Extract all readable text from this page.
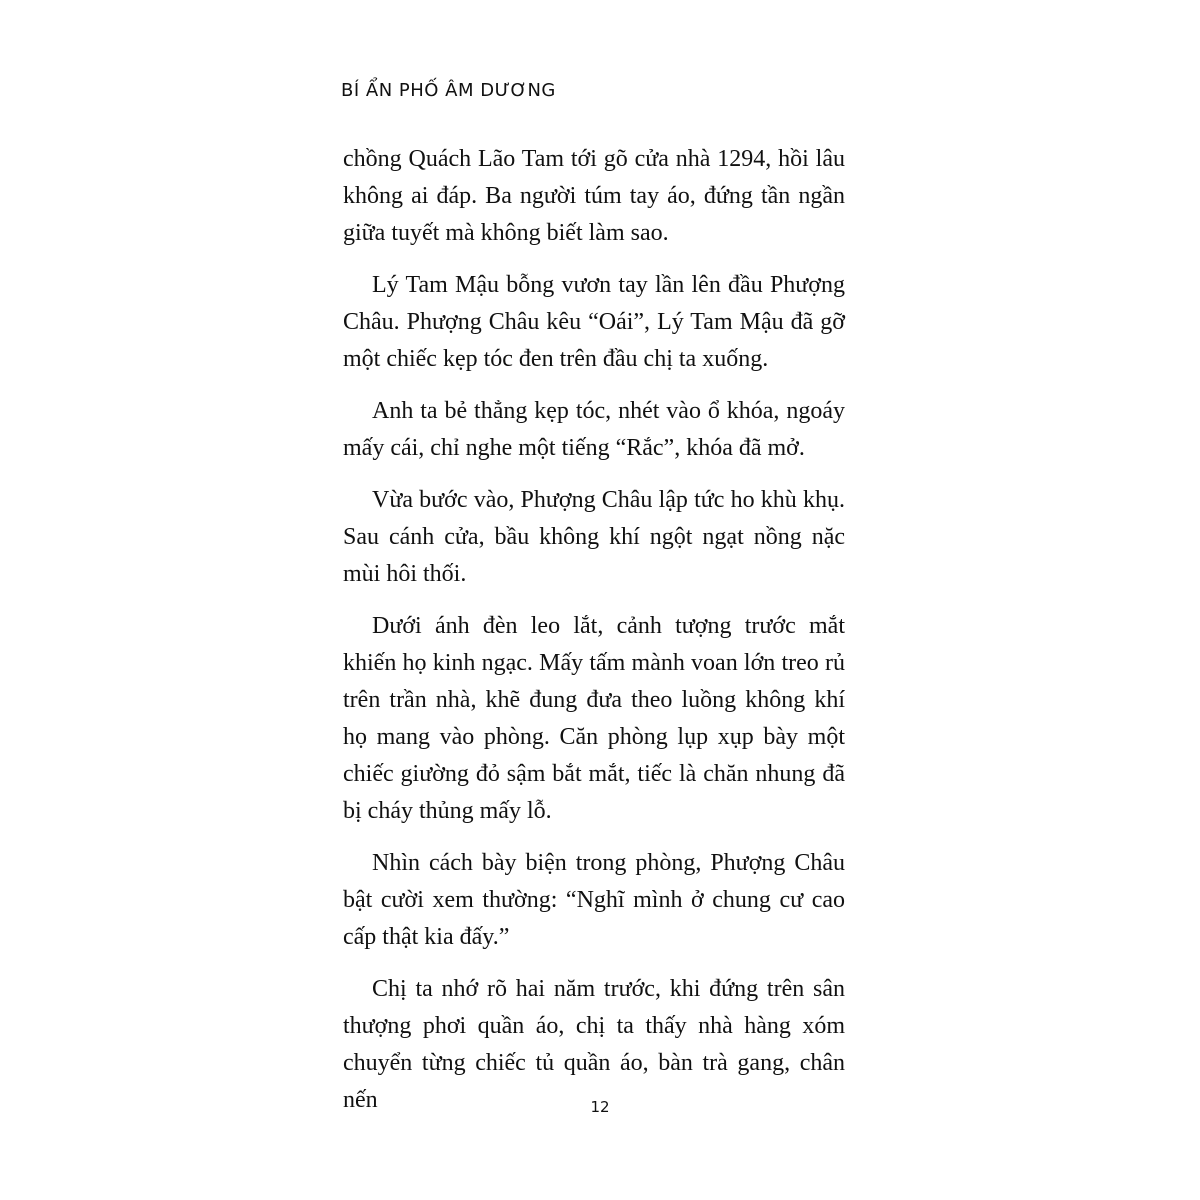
BÍ ẨN PHỐ ÂM DƯƠNG

chồng Quách Lão Tam tới gõ cửa nhà 1294, hồi lâu không ai đáp. Ba người túm tay áo, đứng tần ngần giữa tuyết mà không biết làm sao.

Lý Tam Mậu bỗng vươn tay lần lên đầu Phượng Châu. Phượng Châu kêu “Oái”, Lý Tam Mậu đã gỡ một chiếc kẹp tóc đen trên đầu chị ta xuống.

Anh ta bẻ thẳng kẹp tóc, nhét vào ổ khóa, ngoáy mấy cái, chỉ nghe một tiếng “Rắc”, khóa đã mở.

Vừa bước vào, Phượng Châu lập tức ho khù khụ. Sau cánh cửa, bầu không khí ngột ngạt nồng nặc mùi hôi thối.

Dưới ánh đèn leo lắt, cảnh tượng trước mắt khiến họ kinh ngạc. Mấy tấm mành voan lớn treo rủ trên trần nhà, khẽ đung đưa theo luồng không khí họ mang vào phòng. Căn phòng lụp xụp bày một chiếc giường đỏ sậm bắt mắt, tiếc là chăn nhung đã bị cháy thủng mấy lỗ.

Nhìn cách bày biện trong phòng, Phượng Châu bật cười xem thường: “Nghĩ mình ở chung cư cao cấp thật kia đấy.”

Chị ta nhớ rõ hai năm trước, khi đứng trên sân thượng phơi quần áo, chị ta thấy nhà hàng xóm chuyển từng chiếc tủ quần áo, bàn trà gang, chân nến	12
